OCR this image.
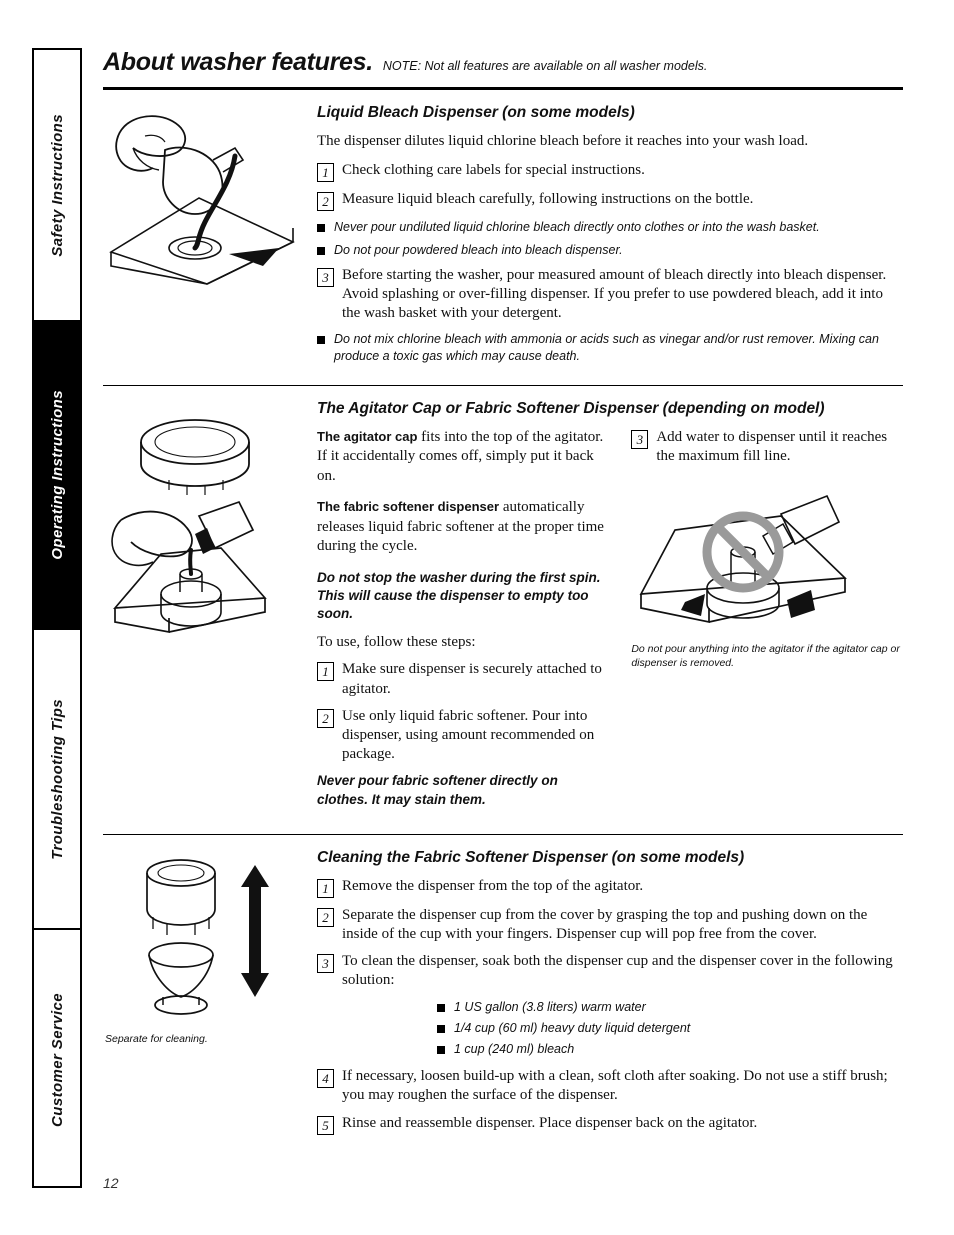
Safety Instructions
Operating Instructions
Troubleshooting Tips
Customer Service
About washer features. NOTE: Not all features are available on all washer models.
Liquid Bleach Dispenser (on some models)

The dispenser dilutes liquid chlorine bleach before it reaches into your wash load.

1 Check clothing care labels for special instructions.
2 Measure liquid bleach carefully, following instructions on the bottle.
Never pour undiluted liquid chlorine bleach directly onto clothes or into the wash basket.
Do not pour powdered bleach into bleach dispenser.
3 Before starting the washer, pour measured amount of bleach directly into bleach dispenser. Avoid splashing or over-filling dispenser. If you prefer to use powdered bleach, add it into the wash basket with your detergent.
Do not mix chlorine bleach with ammonia or acids such as vinegar and/or rust remover. Mixing can produce a toxic gas which may cause death.
The Agitator Cap or Fabric Softener Dispenser (depending on model)

The agitator cap fits into the top of the agitator. If it accidentally comes off, simply put it back on.

The fabric softener dispenser automatically releases liquid fabric softener at the proper time during the cycle.

Do not stop the washer during the first spin. This will cause the dispenser to empty too soon.

To use, follow these steps:

1 Make sure dispenser is securely attached to agitator.
2 Use only liquid fabric softener. Pour into dispenser, using amount recommended on package.

Never pour fabric softener directly on clothes. It may stain them.

3 Add water to dispenser until it reaches the maximum fill line.
Do not pour anything into the agitator if the agitator cap or dispenser is removed.
Separate for cleaning.
Cleaning the Fabric Softener Dispenser (on some models)
1 Remove the dispenser from the top of the agitator.
2 Separate the dispenser cup from the cover by grasping the top and pushing down on the inside of the cup with your fingers. Dispenser cup will pop free from the cover.
3 To clean the dispenser, soak both the dispenser cup and the dispenser cover in the following solution:
1 US gallon (3.8 liters) warm water
1/4 cup (60 ml) heavy duty liquid detergent
1 cup (240 ml) bleach
4 If necessary, loosen build-up with a clean, soft cloth after soaking. Do not use a stiff brush; you may roughen the surface of the dispenser.
5 Rinse and reassemble dispenser. Place dispenser back on the agitator.
12
